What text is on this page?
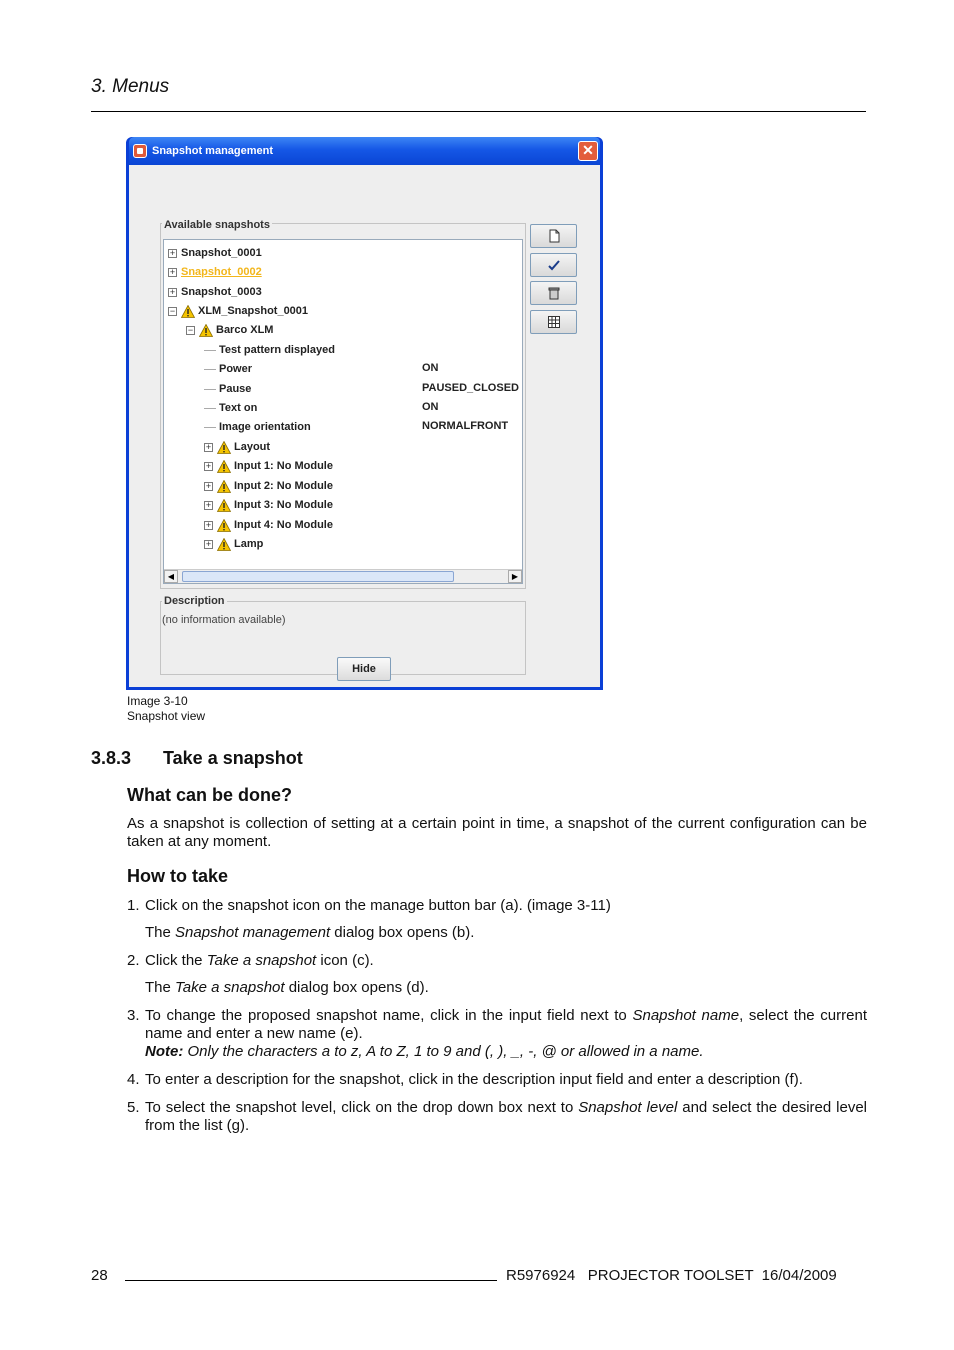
3. Menus
Snapshot management	✕
Available snapshots
+ Snapshot_0001
+ Snapshot_0002
+ Snapshot_0003
− XLM_Snapshot_0001
− Barco XLM
Test pattern displayed
Power	ON
Pause	PAUSED_CLOSED
Text on	ON
Image orientation	NORMALFRONT
+ Layout
+ Input 1: No Module
+ Input 2: No Module
+ Input 3: No Module
+ Input 4: No Module
+ Lamp
◀	▶
Description
(no information available)
Hide
Image 3-10
Snapshot view
3.8.3 Take a snapshot
What can be done?
As a snapshot is collection of setting at a certain point in time, a snapshot of the current configuration can be taken at any moment.
How to take
1. Click on the snapshot icon on the manage button bar (a). (image 3-11)
The Snapshot management dialog box opens (b).
2. Click the Take a snapshot icon (c).
The Take a snapshot dialog box opens (d).
3. To change the proposed snapshot name, click in the input field next to Snapshot name, select the current name and enter a new name (e).
Note: Only the characters a to z, A to Z, 1 to 9 and (, ), _, -, @ or allowed in a name.
4. To enter a description for the snapshot, click in the description input field and enter a description (f).
5. To select the snapshot level, click on the drop down box next to Snapshot level and select the desired level from the list (g).
28	R5976924   PROJECTOR TOOLSET  16/04/2009
